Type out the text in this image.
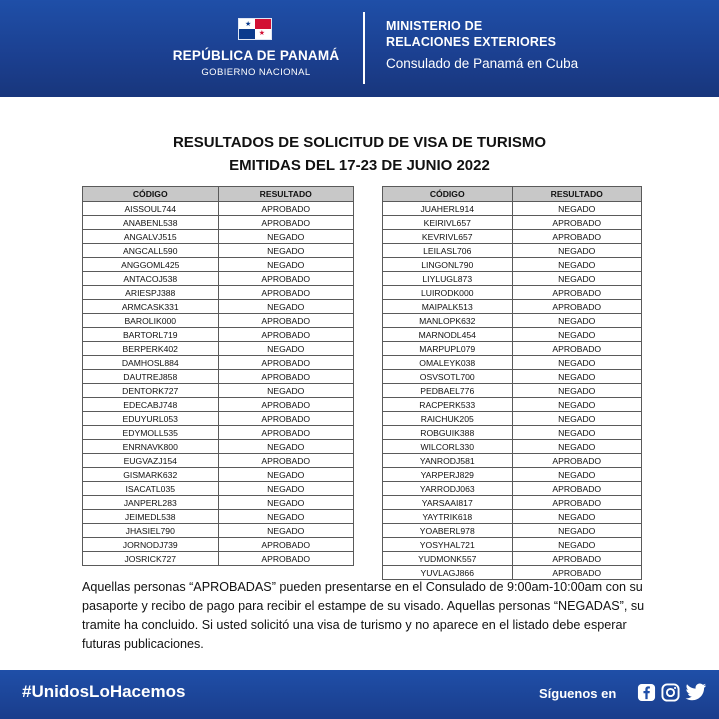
★
★
REPÚBLICA DE PANAMÁ
GOBIERNO NACIONAL
MINISTERIO DE
RELACIONES EXTERIORES
Consulado de Panamá en Cuba
RESULTADOS DE SOLICITUD DE VISA DE TURISMO
EMITIDAS DEL 17-23 DE JUNIO 2022
CÓDIGO	RESULTADO
AISSOUL744	APROBADO
ANABENL538	APROBADO
ANGALVJ515	NEGADO
ANGCALL590	NEGADO
ANGGOML425	NEGADO
ANTACOJ538	APROBADO
ARIESPJ388	APROBADO
ARMCASK331	NEGADO
BAROLIK000	APROBADO
BARTORL719	APROBADO
BERPERK402	NEGADO
DAMHOSL884	APROBADO
DAUTREJ858	APROBADO
DENTORK727	NEGADO
EDECABJ748	APROBADO
EDUYURL053	APROBADO
EDYMOLL535	APROBADO
ENRNAVK800	NEGADO
EUGVAZJ154	APROBADO
GISMARK632	NEGADO
ISACATL035	NEGADO
JANPERL283	NEGADO
JEIMEDL538	NEGADO
JHASIEL790	NEGADO
JORNODJ739	APROBADO
JOSRICK727	APROBADO
CÓDIGO	RESULTADO
JUAHERL914	NEGADO
KEIRIVL657	APROBADO
KEVRIVL657	APROBADO
LEILASL706	NEGADO
LINGONL790	NEGADO
LIYLUGL873	NEGADO
LUIRODK000	APROBADO
MAIPALK513	APROBADO
MANLOPK632	NEGADO
MARNODL454	NEGADO
MARPUPL079	APROBADO
OMALEYK038	NEGADO
OSVSOTL700	NEGADO
PEDBAEL776	NEGADO
RACPERK533	NEGADO
RAICHUK205	NEGADO
ROBGUIK388	NEGADO
WILCORL330	NEGADO
YANRODJ581	APROBADO
YARPERJ829	NEGADO
YARRODJ063	APROBADO
YARSAAI817	APROBADO
YAYTRIK618	NEGADO
YOABERL978	NEGADO
YOSYHAL721	NEGADO
YUDMONK557	APROBADO
YUVLAGJ866	APROBADO
Aquellas personas “APROBADAS” pueden presentarse en el Consulado de 9:00am-10:00am con su pasaporte y recibo de pago para recibir el estampe de su visado. Aquellas personas “NEGADAS”, su tramite ha concluido. Si usted solicitó una visa de turismo y no aparece en el listado debe esperar futuras publicaciones.
#UnidosLoHacemos	Síguenos en
